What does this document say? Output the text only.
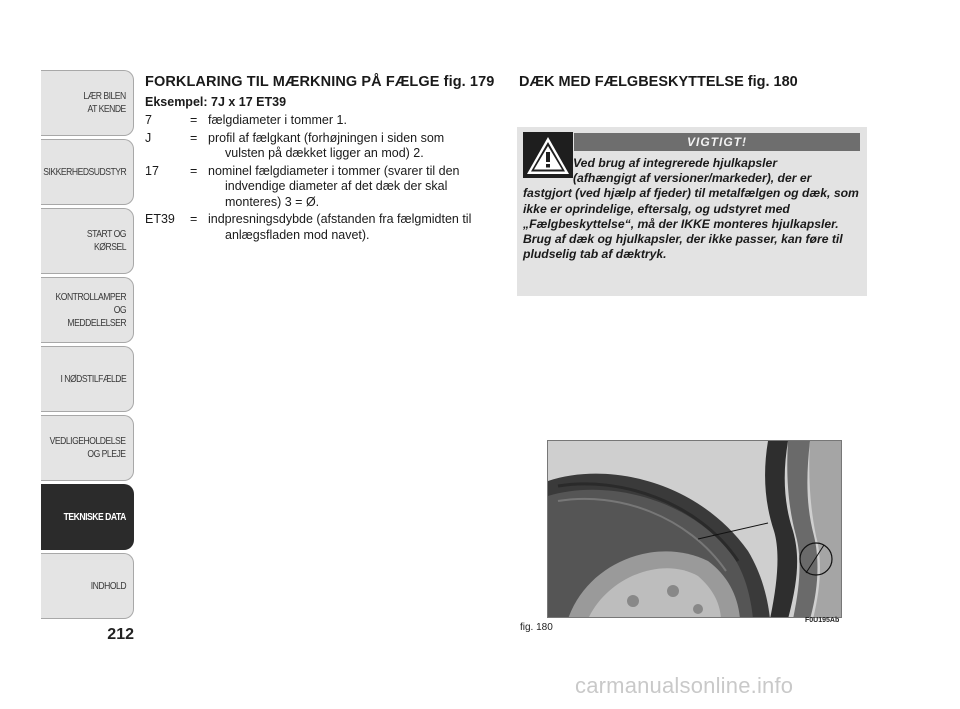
LÆR BILEN
AT KENDE
SIKKERHEDSUDSTYR
START OG KØRSEL
KONTROLLAMPER
OG MEDDELELSER
I NØDSTILFÆLDE
VEDLIGEHOLDELSE
OG PLEJE
TEKNISKE DATA
INDHOLD
212
FORKLARING TIL MÆRKNING PÅ FÆLGE fig. 179
Eksempel: 7J x 17 ET39
7	= fælgdiameter i tommer 1.
J	= profil af fælgkant (forhøjningen i siden som
vulsten på dækket ligger an mod) 2.
17	= nominel fælgdiameter i tommer (svarer til den
indvendige diameter af det dæk der skal monteres) 3 = Ø.
ET39	= indpresningsdybde (afstanden fra fælgmidten til
anlægsfladen mod navet).
DÆK MED FÆLGBESKYTTELSE fig. 180
VIGTIGT!
Ved brug af integrerede hjulkapsler
(afhængigt af versioner/markeder), der er
fastgjort (ved hjælp af fjeder) til metalfælgen og dæk, som ikke er oprindelige, eftersalg, og udstyret med „Fælgbeskyttelse“, må der IKKE monteres hjulkapsler. Brug af dæk og hjulkapsler, der ikke passer, kan føre til pludselig tab af dæktryk.
fig. 180
F0U195Ab
carmanualsonline.info
